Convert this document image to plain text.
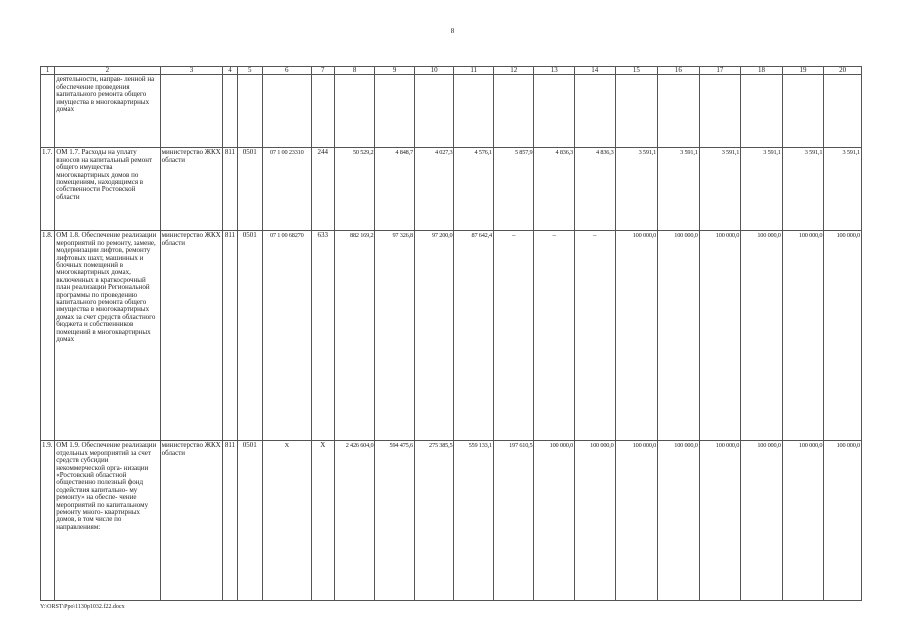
8
1	2	3	4	5	6	7	8	9	10	11	12	13	14	15	16	17	18	19	20
	деятельности, направ- ленной на обеспечение проведения капитального ремонта общего имущества в многоквартирных домах																		
1.7.	ОМ 1.7. Расходы на уплату взносов на капитальный ремонт общего имущества многоквартирных домов по помещениям, находящимся в собственности Ростовской области	министерство ЖКХ области	811	0501	07 1 00 23310	244	50 529,2	4 848,7	4 027,3	4 576,1	5 857,9	4 836,3	4 836,3	3 591,1	3 591,1	3 591,1	3 591,1	3 591,1	3 591,1
1.8.	ОМ 1.8. Обеспечение реализации мероприятий по ремонту, замене, модернизации лифтов, ремонту лифтовых шахт, машинных и блочных помещений в многоквартирных домах, включенных в краткосрочный план реализации Региональной программы по проведению капитального ремонта общего имущества в многоквартирных домах за счет средств областного бюджета и собственников помещений в многоквартирных домах	министерство ЖКХ области	811	0501	07 1 00 68270	633	882 169,2	97 326,8	97 200,0	87 642,4	–	–	–	100 000,0	100 000,0	100 000,0	100 000,0	100 000,0	100 000,0
1.9.	ОМ 1.9. Обеспечение реализации отдельных мероприятий за счет средств субсидии некоммерческой орга- низации «Ростовский областной общественно полезный фонд содействия капитально- му ремонту» на обеспе- чение мероприятий по капитальному ремонту много- квартирных домов, в том числе по направлениям:	министерство ЖКХ области	811	0501	Х	Х	2 426 604,0	594 475,6	275 385,5	559 133,1	197 610,5	100 000,0	100 000,0	100 000,0	100 000,0	100 000,0	100 000,0	100 000,0	100 000,0
Y:\ORST\Ppo\1130p1032.f22.docx
